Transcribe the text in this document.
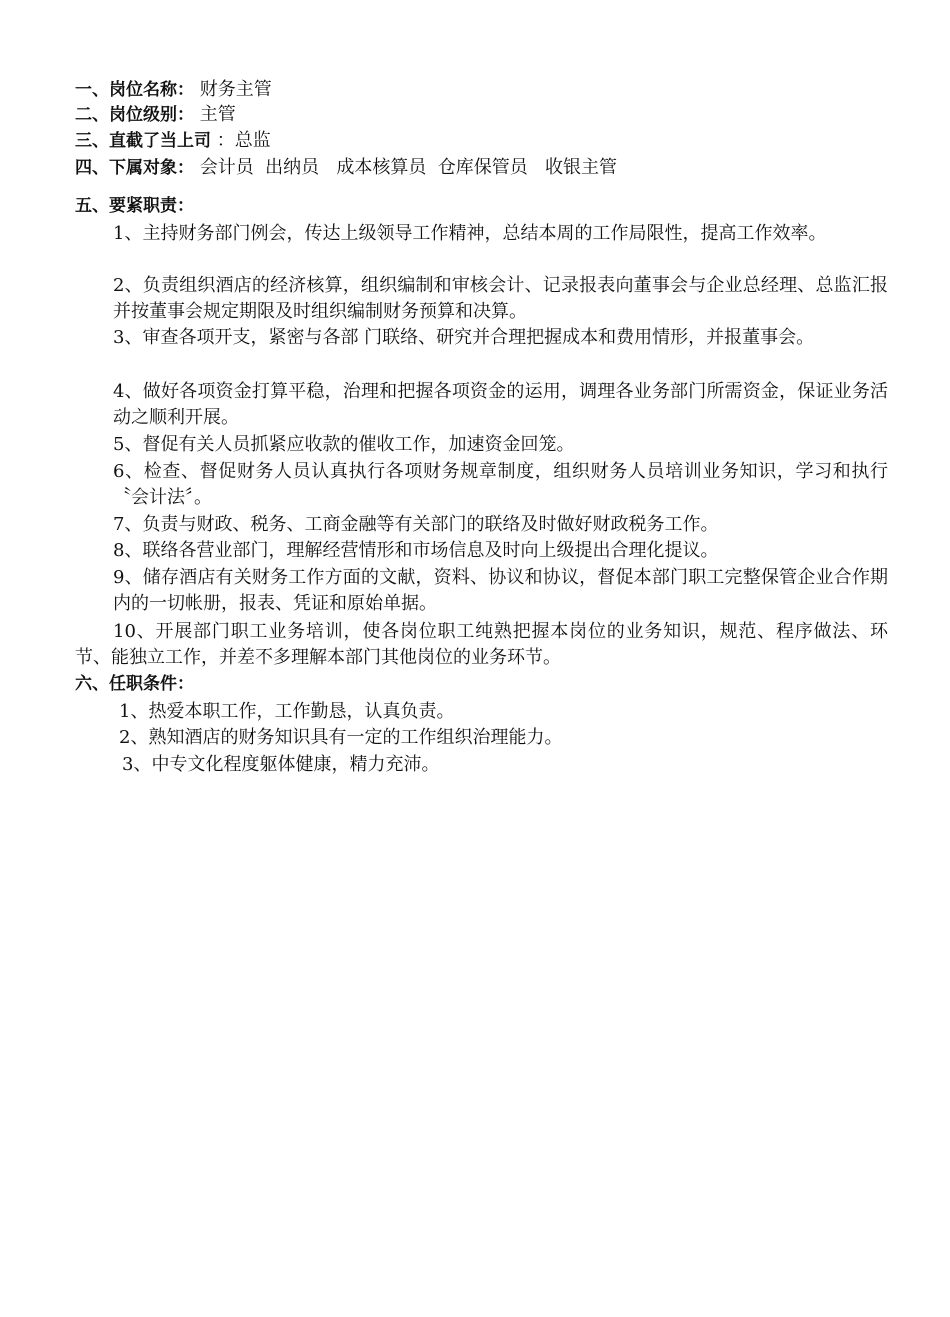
一、岗位名称： 财务主管
二、岗位级别： 主管
三、直截了当上司 ：总监
四、下属对象： 会计员  出纳员   成本核算员  仓库保管员   收银主管
五、要紧职责：
1、主持财务部门例会，传达上级领导工作精神，总结本周的工作局限性，提高工作效率。
2、负责组织酒店的经济核算，组织编制和审核会计、记录报表向董事会与企业总经理、总监汇报并按董事会规定期限及时组织编制财务预算和决算。
3、审查各项开支，紧密与各部 门联络、研究并合理把握成本和费用情形，并报董事会。
4、做好各项资金打算平稳，治理和把握各项资金的运用，调理各业务部门所需资金，保证业务活动之顺利开展。
5、督促有关人员抓紧应收款的催收工作，加速资金回笼。
6、检查、督促财务人员认真执行各项财务规章制度，组织财务人员培训业务知识，学习和执行〝会计法〞。
7、负责与财政、税务、工商金融等有关部门的联络及时做好财政税务工作。
8、联络各营业部门，理解经营情形和市场信息及时向上级提出合理化提议。
9、储存酒店有关财务工作方面的文献，资料、协议和协议，督促本部门职工完整保管企业合作期内的一切帐册，报表、凭证和原始单据。
10、开展部门职工业务培训，使各岗位职工纯熟把握本岗位的业务知识，规范、程序做法、环节、能独立工作，并差不多理解本部门其他岗位的业务环节。
六、任职条件：
1、热爱本职工作，工作勤恳，认真负责。
2、熟知酒店的财务知识具有一定的工作组织治理能力。
3、中专文化程度躯体健康，精力充沛。
